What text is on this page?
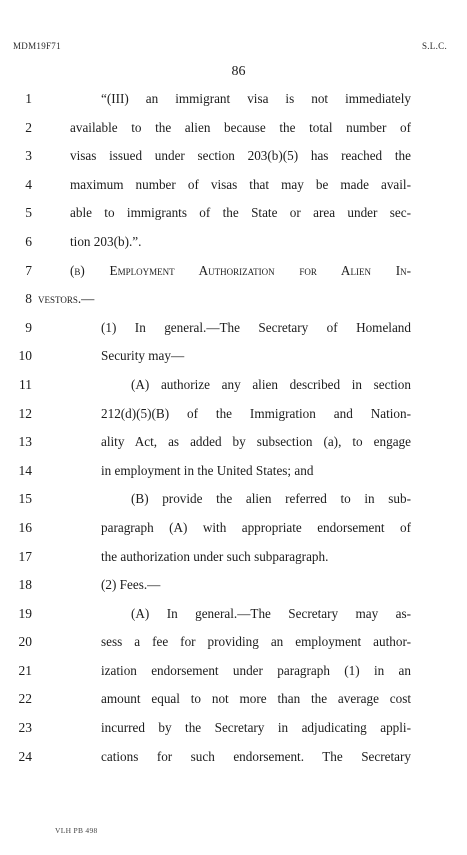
MDM19F71	S.L.C.
86
1	“(III) an immigrant visa is not immediately
2	available to the alien because the total number of
3	visas issued under section 203(b)(5) has reached the
4	maximum number of visas that may be made avail-
5	able to immigrants of the State or area under sec-
6	tion 203(b).”.
7	(b) Employment Authorization for Alien In-
8 vestors.—
9	(1) In general.—The Secretary of Homeland
10	Security may—
11	(A) authorize any alien described in section
12	212(d)(5)(B) of the Immigration and Nation-
13	ality Act, as added by subsection (a), to engage
14	in employment in the United States; and
15	(B) provide the alien referred to in sub-
16	paragraph (A) with appropriate endorsement of
17	the authorization under such subparagraph.
18	(2) Fees.—
19	(A) In general.—The Secretary may as-
20	sess a fee for providing an employment author-
21	ization endorsement under paragraph (1) in an
22	amount equal to not more than the average cost
23	incurred by the Secretary in adjudicating appli-
24	cations for such endorsement. The Secretary
VLH PB 498
